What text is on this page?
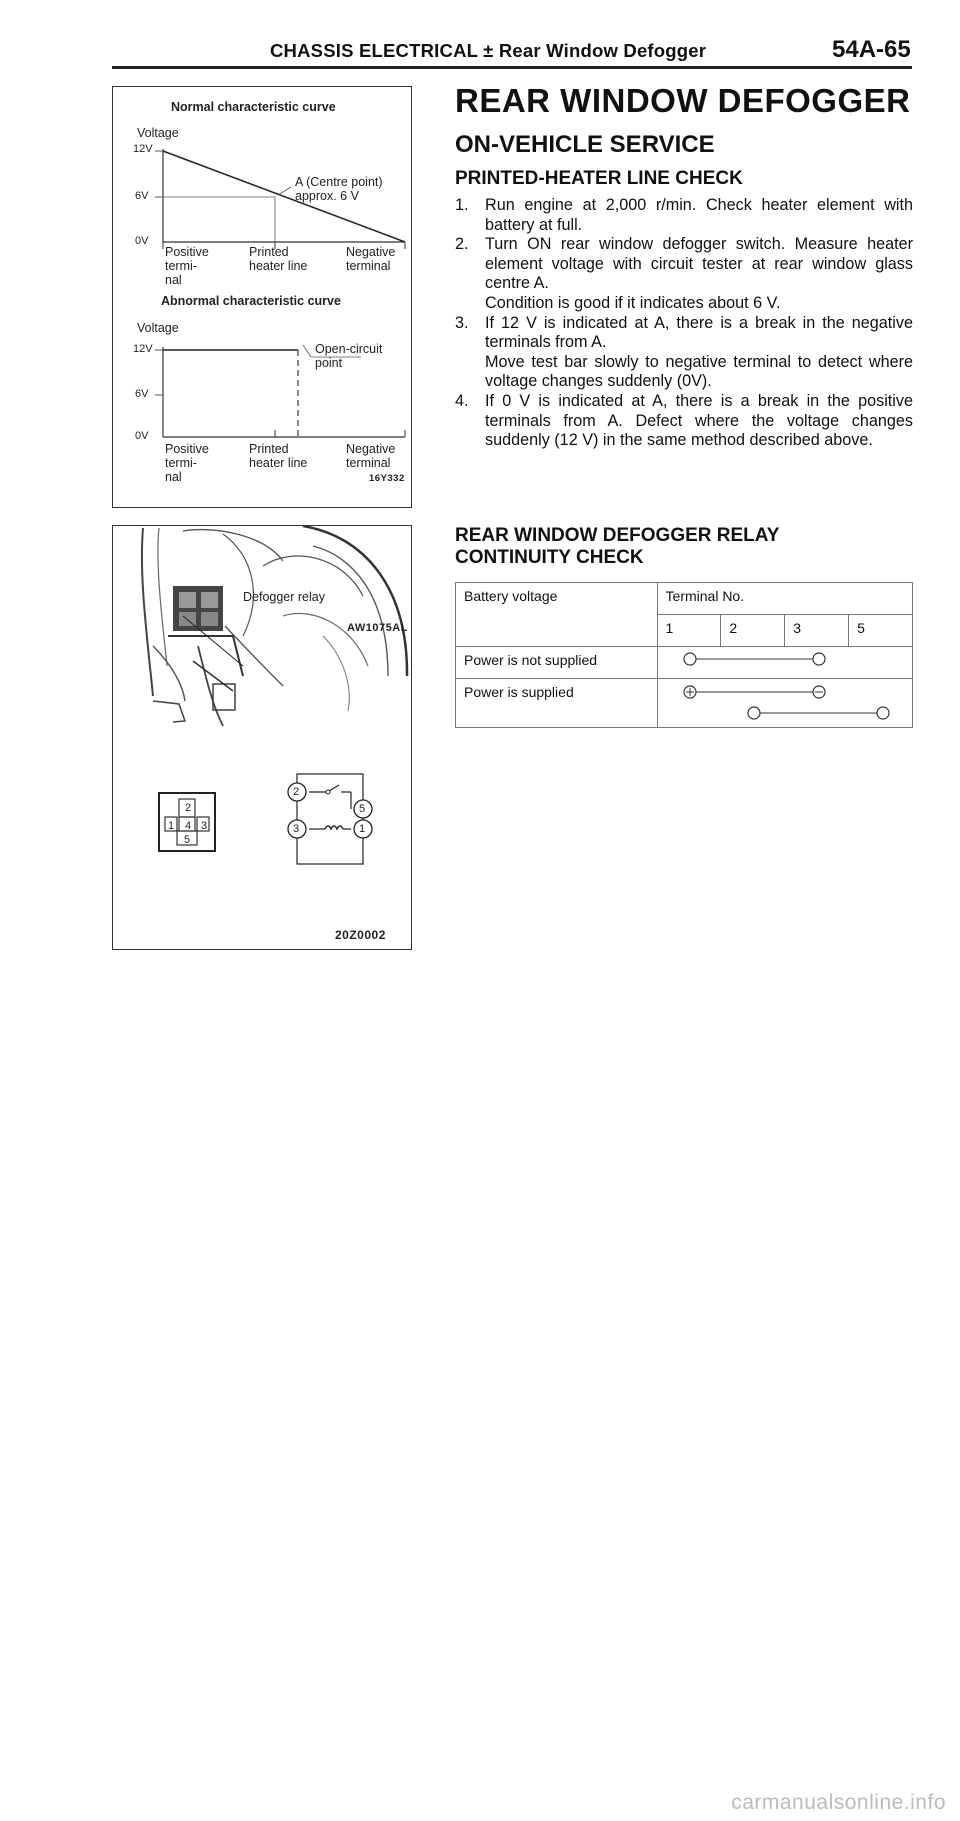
CHASSIS ELECTRICAL ± Rear Window Defogger	54A-65
REAR WINDOW DEFOGGER
ON-VEHICLE SERVICE
PRINTED-HEATER LINE CHECK
1. Run engine at 2,000 r/min. Check heater element with battery at full.
2. Turn ON rear window defogger switch. Measure heater element voltage with circuit tester at rear window glass centre A.
Condition is good if it indicates about 6 V.
3. If 12 V is indicated at A, there is a break in the negative terminals from A.
Move test bar slowly to negative terminal to detect where voltage changes suddenly (0V).
4. If 0 V is indicated at A, there is a break in the positive terminals from A. Defect where the voltage changes suddenly (12 V) in the same method described above.
Normal characteristic curve
Voltage
12V
6V
0V
A (Centre point)
approx. 6 V
Positive
termi-
nal
Printed
heater line
Negative
terminal
Abnormal characteristic curve
Voltage
12V
6V
0V
Open-circuit
point
Positive
termi-
nal
Printed
heater line
Negative
terminal
16Y332
Defogger relay
AW1075AL
2
1 4 3
5
2
5
3	1
20Z0002
REAR WINDOW DEFOGGER RELAY CONTINUITY CHECK
Battery voltage	Terminal No.			
	1	2	3	5
Power is not supplied	

Power is supplied	
carmanualsonline.info
